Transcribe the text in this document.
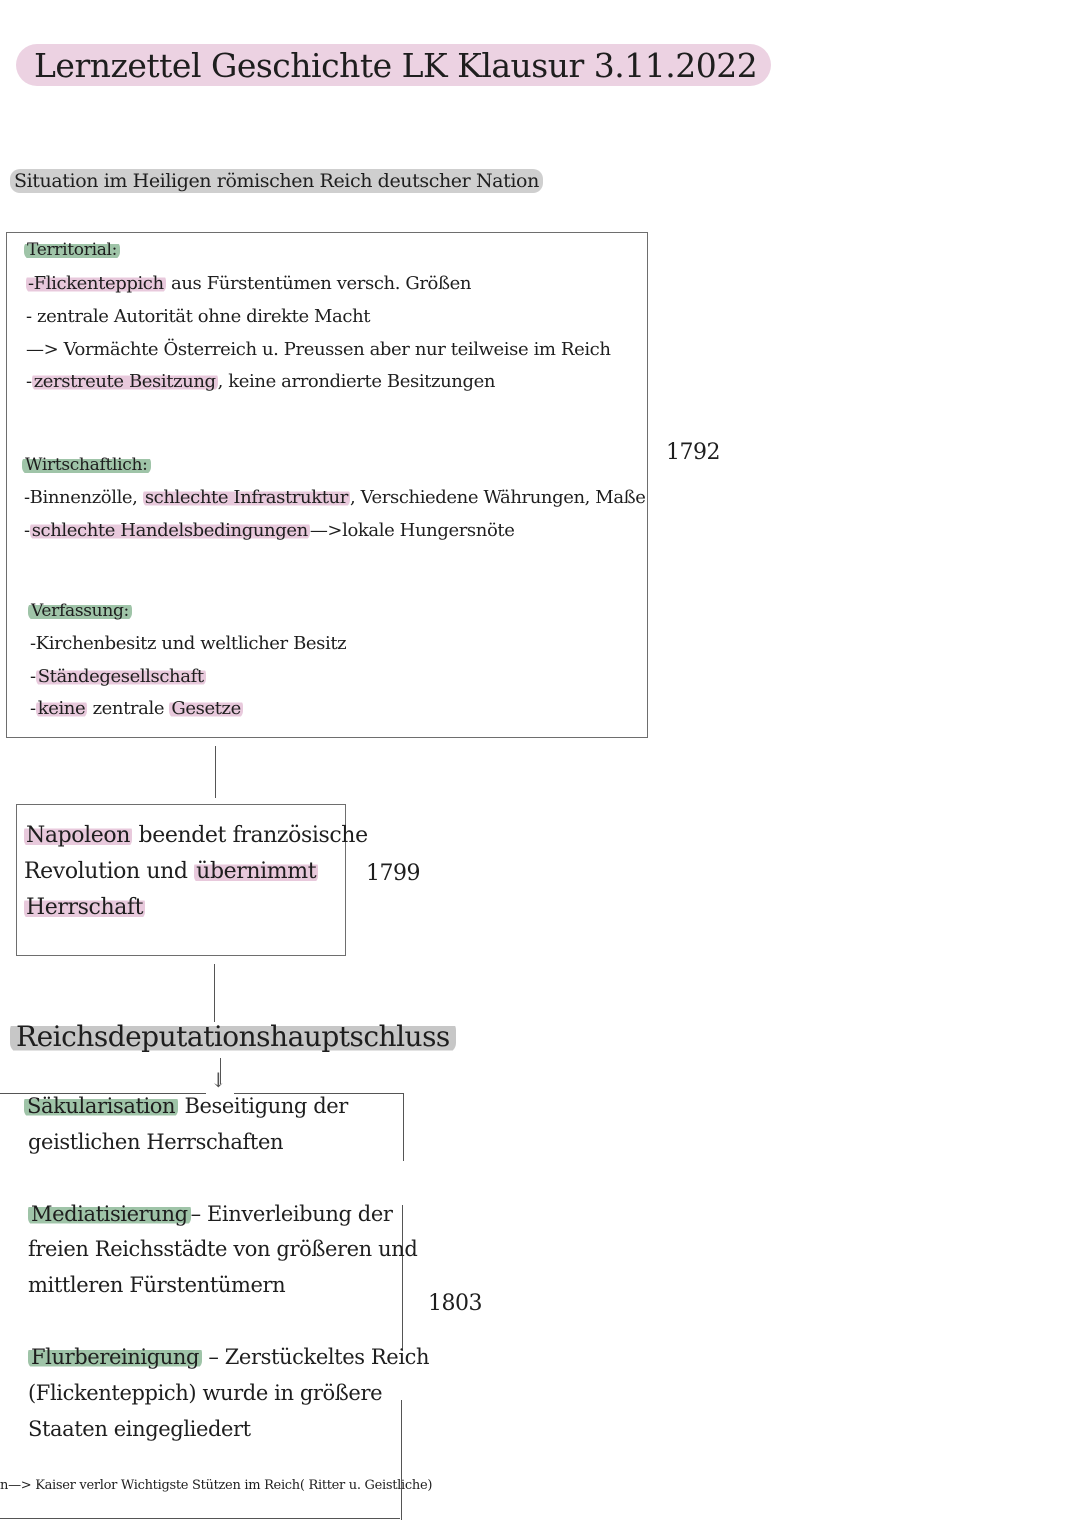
Lernzettel Geschichte LK Klausur 3.11.2022
Situation im Heiligen römischen Reich deutscher Nation
Territorial:
-Flickenteppich aus Fürstentümen versch. Größen
- zentrale Autorität ohne direkte Macht
—> Vormächte Österreich u. Preussen aber nur teilweise im Reich
- zerstreute Besitzung , keine arrondierte Besitzungen
Wirtschaftlich:
-Binnenzölle, schlechte Infrastruktur , Verschiedene Währungen, Maße
- schlechte Handelsbedingungen —>lokale Hungersnöte
Verfassung:
-Kirchenbesitz und weltlicher Besitz
- Ständegesellschaft
- keine zentrale Gesetze
1792
Napoleon beendet französische
Revolution und übernimmt
Herrschaft
1799
Reichsdeputationshauptschluss
↓
Säkularisation Beseitigung der
geistlichen Herrschaften
Mediatisierung – Einverleibung der
freien Reichsstädte von größeren und
mittleren Fürstentümern
Flurbereinigung – Zerstückeltes Reich
(Flickenteppich) wurde in größere
Staaten eingegliedert
n—> Kaiser verlor Wichtigste Stützen im Reich( Ritter u. Geistliche)
1803
